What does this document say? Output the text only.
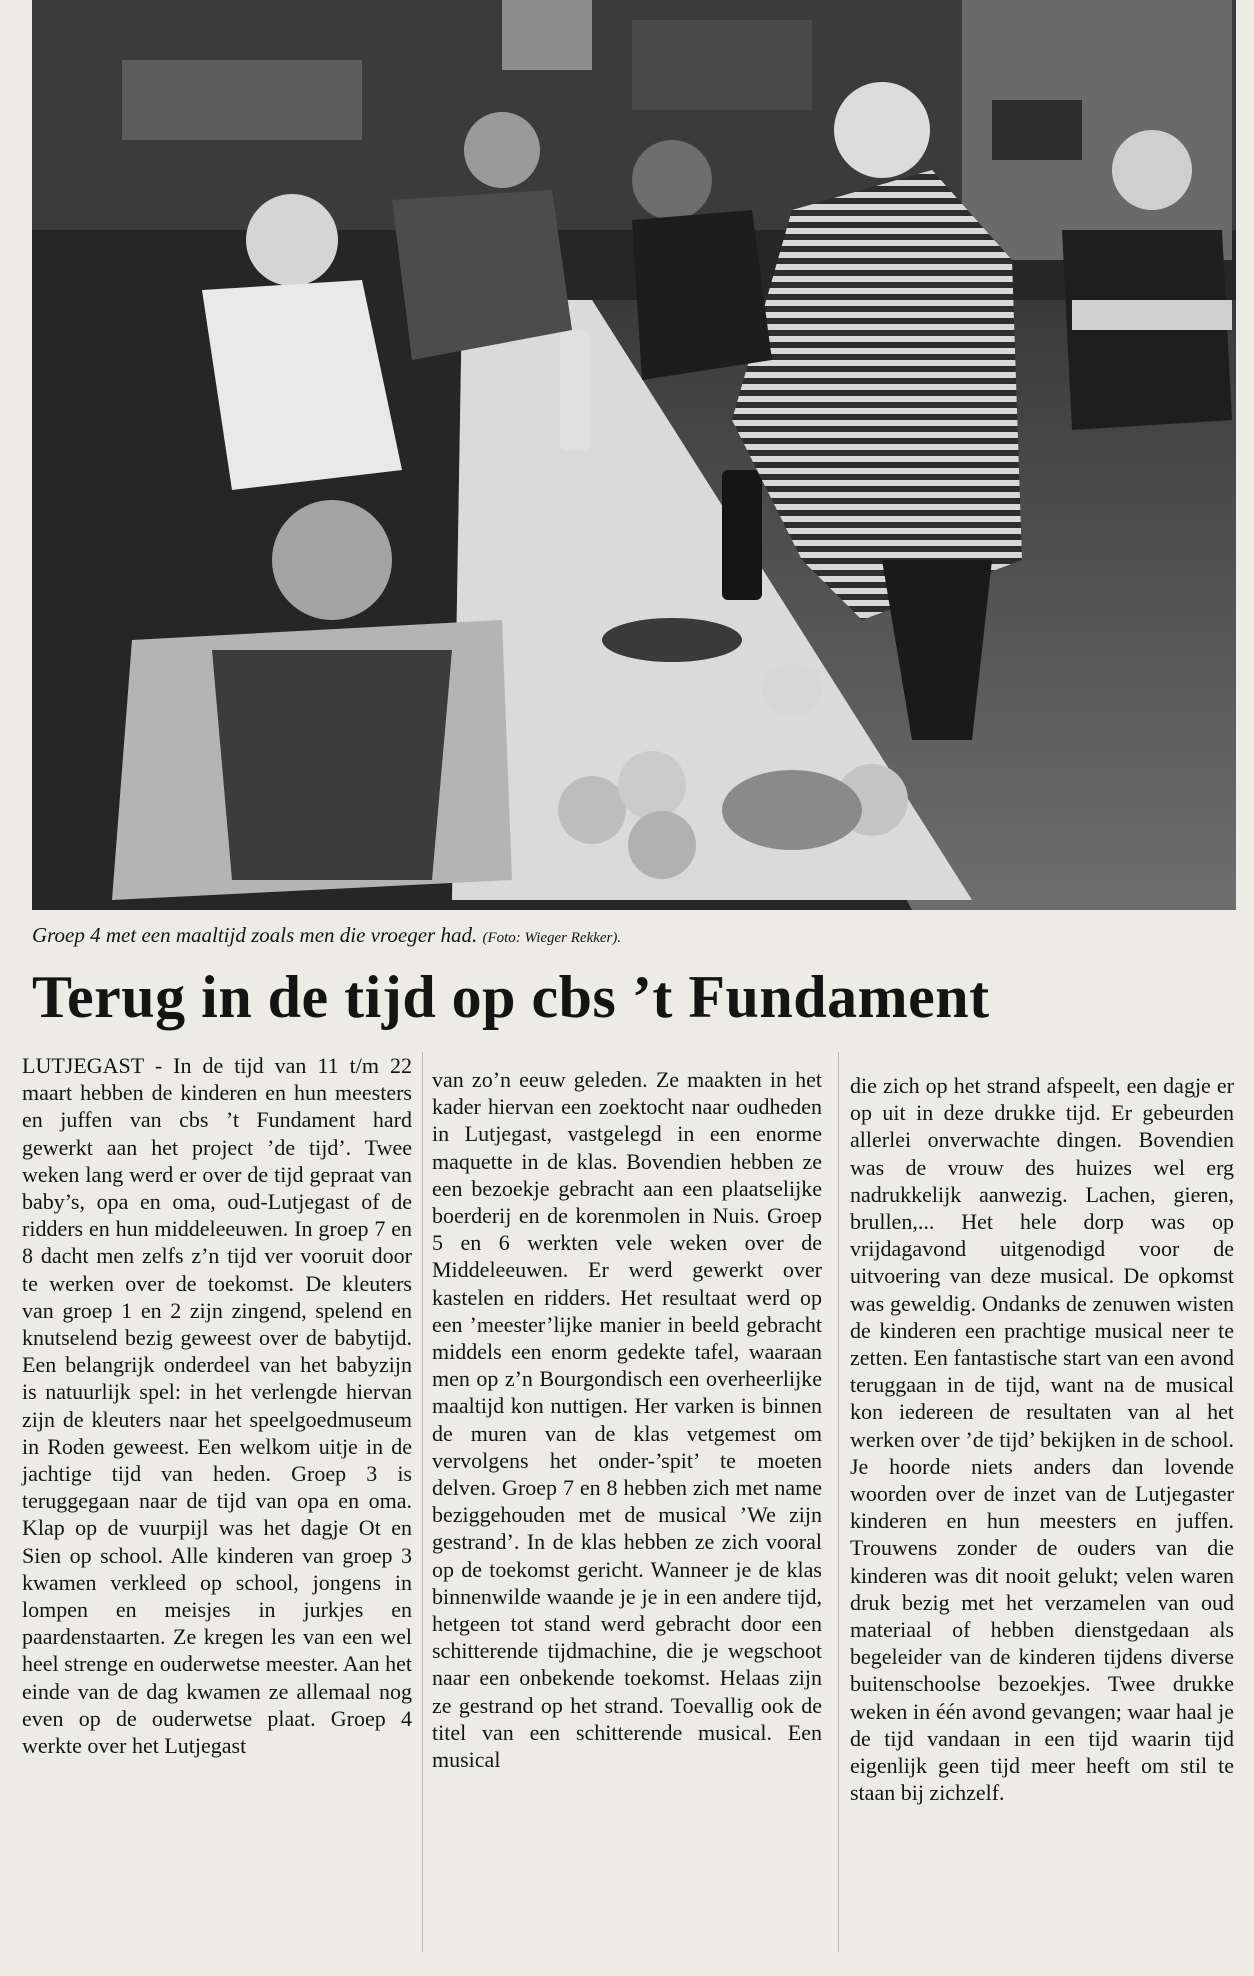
Groep 4 met een maaltijd zoals men die vroeger had. (Foto: Wieger Rekker).
Terug in de tijd op cbs ’t Fundament

LUTJEGAST - In de tijd van 11 t/m 22 maart hebben de kinderen en hun meesters en juffen van cbs ’t Fundament hard gewerkt aan het project ’de tijd’. Twee weken lang werd er over de tijd gepraat van baby’s, opa en oma, oud-Lutjegast of de ridders en hun middeleeuwen. In groep 7 en 8 dacht men zelfs z’n tijd ver vooruit door te werken over de toekomst. De kleuters van groep 1 en 2 zijn zingend, spelend en knutselend bezig geweest over de babytijd. Een belangrijk onderdeel van het babyzijn is natuurlijk spel: in het verlengde hiervan zijn de kleuters naar het speelgoedmuseum in Roden geweest. Een welkom uitje in de jachtige tijd van heden. Groep 3 is teruggegaan naar de tijd van opa en oma. Klap op de vuurpijl was het dagje Ot en Sien op school. Alle kinderen van groep 3 kwamen verkleed op school, jongens in lompen en meisjes in jurkjes en paardenstaarten. Ze kregen les van een wel heel strenge en ouderwetse meester. Aan het einde van de dag kwamen ze allemaal nog even op de ouderwetse plaat. Groep 4 werkte over het Lutjegast

van zo’n eeuw geleden. Ze maakten in het kader hiervan een zoektocht naar oudheden in Lutjegast, vastgelegd in een enorme maquette in de klas. Bovendien hebben ze een bezoekje gebracht aan een plaatselijke boerderij en de korenmolen in Nuis. Groep 5 en 6 werkten vele weken over de Middeleeuwen. Er werd gewerkt over kastelen en ridders. Het resultaat werd op een ’meester’lijke manier in beeld gebracht middels een enorm gedekte tafel, waaraan men op z’n Bourgondisch een overheerlijke maaltijd kon nuttigen. Her varken is binnen de muren van de klas vetgemest om vervolgens het onder-’spit’ te moeten delven. Groep 7 en 8 hebben zich met name beziggehouden met de musical ’We zijn gestrand’. In de klas hebben ze zich vooral op de toekomst gericht. Wanneer je de klas binnenwilde waande je je in een andere tijd, hetgeen tot stand werd gebracht door een schitterende tijdmachine, die je wegschoot naar een onbekende toekomst. Helaas zijn ze gestrand op het strand. Toevallig ook de titel van een schitterende musical. Een musical

die zich op het strand afspeelt, een dagje er op uit in deze drukke tijd. Er gebeurden allerlei onverwachte dingen. Bovendien was de vrouw des huizes wel erg nadrukkelijk aanwezig. Lachen, gieren, brullen,... Het hele dorp was op vrijdagavond uitgenodigd voor de uitvoering van deze musical. De opkomst was geweldig. Ondanks de zenuwen wisten de kinderen een prachtige musical neer te zetten. Een fantastische start van een avond teruggaan in de tijd, want na de musical kon iedereen de resultaten van al het werken over ’de tijd’ bekijken in de school. Je hoorde niets anders dan lovende woorden over de inzet van de Lutjegaster kinderen en hun meesters en juffen. Trouwens zonder de ouders van die kinderen was dit nooit gelukt; velen waren druk bezig met het verzamelen van oud materiaal of hebben dienstgedaan als begeleider van de kinderen tijdens diverse buitenschoolse bezoekjes. Twee drukke weken in één avond gevangen; waar haal je de tijd vandaan in een tijd waarin tijd eigenlijk geen tijd meer heeft om stil te staan bij zichzelf.
